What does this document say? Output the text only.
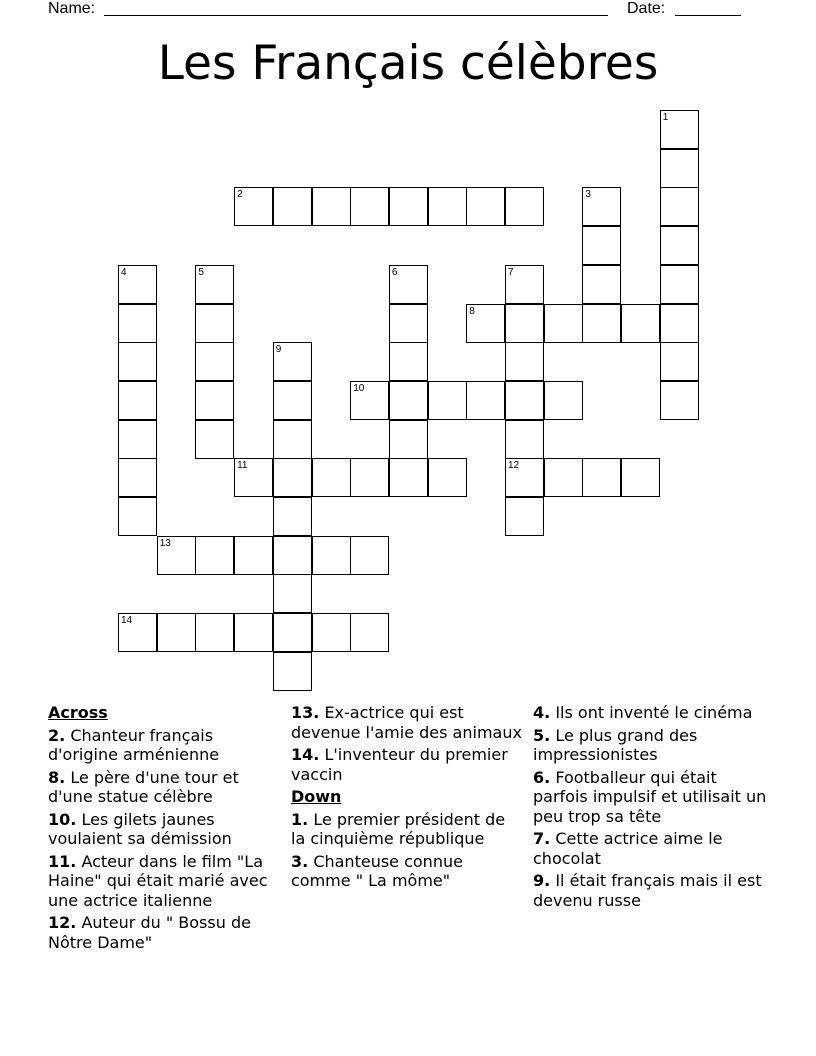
Name:	Date:
Les Français célèbres
1
2	3
4	5	6	7
12
8
9
10
11
13
14
Across
2. Chanteur français d'origine arménienne
8. Le père d'une tour et d'une statue célèbre
10. Les gilets jaunes voulaient sa démission
11. Acteur dans le film "La Haine" qui était marié avec une actrice italienne
12. Auteur du " Bossu de Nôtre Dame"
13. Ex-actrice qui est devenue l'amie des animaux
14. L'inventeur du premier vaccin
Down
1. Le premier président de la cinquième république
3. Chanteuse connue comme " La môme"
4. Ils ont inventé le cinéma
5. Le plus grand des impressionistes
6. Footballeur qui était parfois impulsif et utilisait un peu trop sa tête
7. Cette actrice aime le chocolat
9. Il était français mais il est devenu russe
